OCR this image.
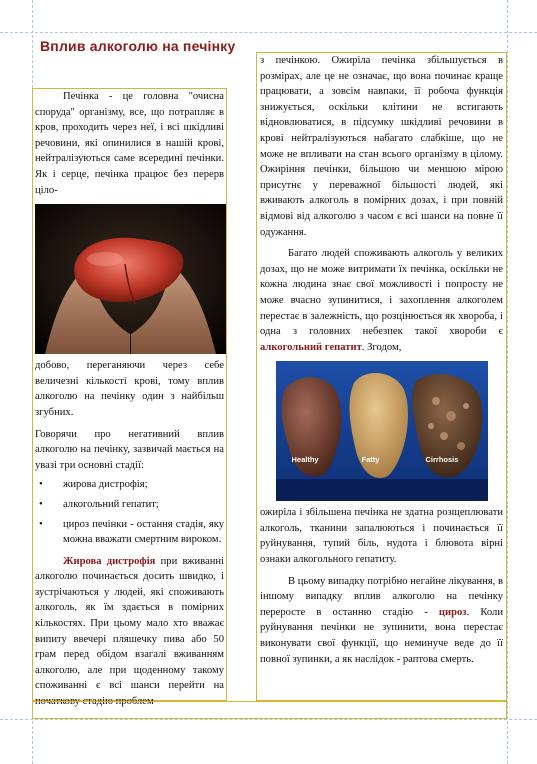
Вплив алкоголю на печінку

Печінка - це головна "очисна споруда" організму, все, що потрапляє в кров, проходить через неї, і всі шкідливі речовини, які опинилися в нашій крові, нейтралізуються саме всередині печінки. Як і серце, печінка працює без перерв ціло-

добово, переганяючи через себе величезні кількості крові, тому вплив алкоголю на печінку один з найбільш згубних.

Говорячи про негативний вплив алкоголю на печінку, зазвичай мається на увазі три основні стадії:

• жирова дистрофія;
• алкогольний гепатит;
• цироз печінки - остання стадія, яку можна вважати смертним вироком.

Жирова дистрофія при вживанні алкоголю починається досить швидко, і зустрічаються у людей, які споживають алкоголь, як їм здається в помірних кількостях. При цьому мало хто вважає випиту ввечері пляшечку пива або 50 грам перед обідом взагалі вживанням алкоголю, але при щоденному такому споживанні є всі шанси перейти на початкову стадію проблем

з печінкою. Ожиріла печінка збільшується в розмірах, але це не означає, що вона починає краще працювати, а зовсім навпаки, її робоча функція знижується, оскільки клітини не встигають відновлюватися, в підсумку шкідливі речовини в крові нейтралізуються набагато слабкіше, що не може не впливати на стан всього організму в цілому. Ожиріння печінки, більшою чи меншою мірою присутнє у переважної більшості людей, які вживають алкоголь в помірних дозах, і при повній відмові від алкоголю з часом є всі шанси на повне її одужання.

Багато людей споживають алкоголь у великих дозах, що не може витримати їх печінка, оскільки не кожна людина знає свої можливості і попросту не може вчасно зупинитися, і захоплення алкоголем перестає в залежність, що розцінюється як хвороба, і одна з головних небезпек такої хвороби є алкогольний гепатит. Згодом,

Healthy	Fatty	Cirrhosis

ожиріла і збільшена печінка не здатна розщеплювати алкоголь, тканини запалюються і починається її руйнування, тупий біль, нудота і блювота вірні ознаки алкогольного гепатиту.

В цьому випадку потрібно негайне лікування, в іншому випадку вплив алкоголю на печінку переросте в останню стадію - цироз. Коли руйнування печінки не зупинити, вона перестає виконувати свої функції, що неминуче веде до її повної зупинки, а як наслідок - раптова смерть.
